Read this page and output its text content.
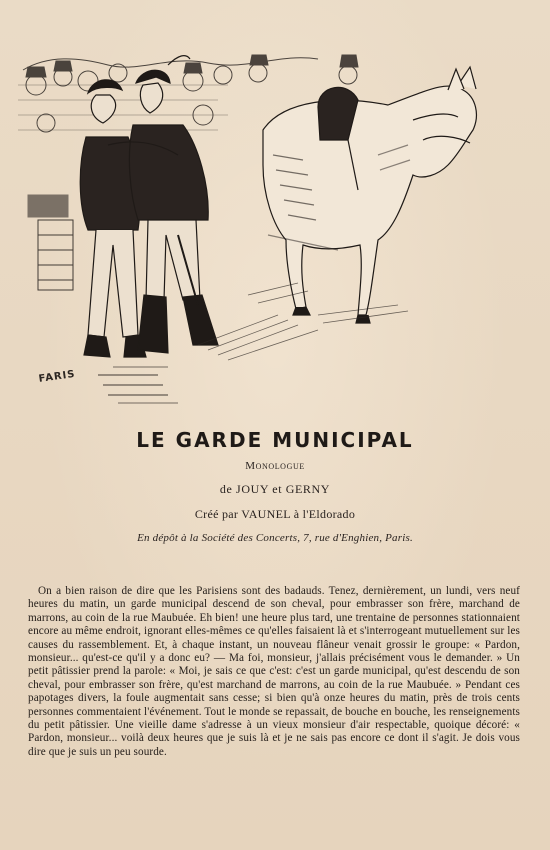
FARIS
LE GARDE MUNICIPAL
Monologue
de JOUY et GERNY
Créé par VAUNEL à l'Eldorado
En dépôt à la Société des Concerts, 7, rue d'Enghien, Paris.

On a bien raison de dire que les Parisiens sont des badauds. Tenez, dernièrement, un lundi, vers neuf heures du matin, un garde municipal descend de son cheval, pour embrasser son frère, marchand de marrons, au coin de la rue Maubuée. Eh bien! une heure plus tard, une trentaine de personnes stationnaient encore au même endroit, ignorant elles-mêmes ce qu'elles faisaient là et s'interrogeant mutuellement sur les causes du rassemblement. Et, à chaque instant, un nouveau flâneur venait grossir le groupe: « Pardon, monsieur... qu'est-ce qu'il y a donc eu? — Ma foi, monsieur, j'allais précisément vous le demander. » Un petit pâtissier prend la parole: « Moi, je sais ce que c'est: c'est un garde municipal, qu'est descendu de son cheval, pour embrasser son frère, qu'est marchand de marrons, au coin de la rue Maubuée. » Pendant ces papotages divers, la foule augmentait sans cesse; si bien qu'à onze heures du matin, près de trois cents personnes commentaient l'événement. Tout le monde se repassait, de bouche en bouche, les renseignements du petit pâtissier. Une vieille dame s'adresse à un vieux monsieur d'air respectable, quoique décoré: « Pardon, monsieur... voilà deux heures que je suis là et je ne sais pas encore ce dont il s'agit. Je dois vous dire que je suis un peu sourde.
